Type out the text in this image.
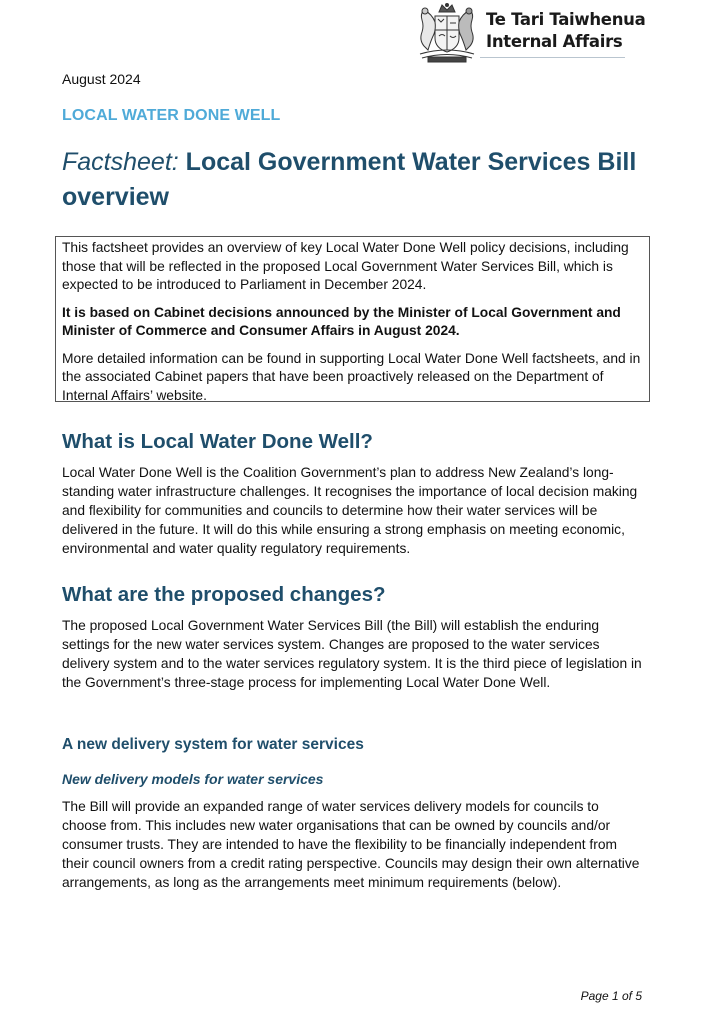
Te Tari Taiwhenua
Internal Affairs
August 2024
LOCAL WATER DONE WELL
Factsheet: Local Government Water Services Bill overview

This factsheet provides an overview of key Local Water Done Well policy decisions, including those that will be reflected in the proposed Local Government Water Services Bill, which is expected to be introduced to Parliament in December 2024.

It is based on Cabinet decisions announced by the Minister of Local Government and Minister of Commerce and Consumer Affairs in August 2024.

More detailed information can be found in supporting Local Water Done Well factsheets, and in the associated Cabinet papers that have been proactively released on the Department of Internal Affairs’ website.

What is Local Water Done Well?

Local Water Done Well is the Coalition Government’s plan to address New Zealand’s long-standing water infrastructure challenges. It recognises the importance of local decision making and flexibility for communities and councils to determine how their water services will be delivered in the future. It will do this while ensuring a strong emphasis on meeting economic, environmental and water quality regulatory requirements.

What are the proposed changes?

The proposed Local Government Water Services Bill (the Bill) will establish the enduring settings for the new water services system. Changes are proposed to the water services delivery system and to the water services regulatory system. It is the third piece of legislation in the Government’s three-stage process for implementing Local Water Done Well.

A new delivery system for water services
New delivery models for water services

The Bill will provide an expanded range of water services delivery models for councils to choose from. This includes new water organisations that can be owned by councils and/or consumer trusts. They are intended to have the flexibility to be financially independent from their council owners from a credit rating perspective. Councils may design their own alternative arrangements, as long as the arrangements meet minimum requirements (below).

Page 1 of 5
